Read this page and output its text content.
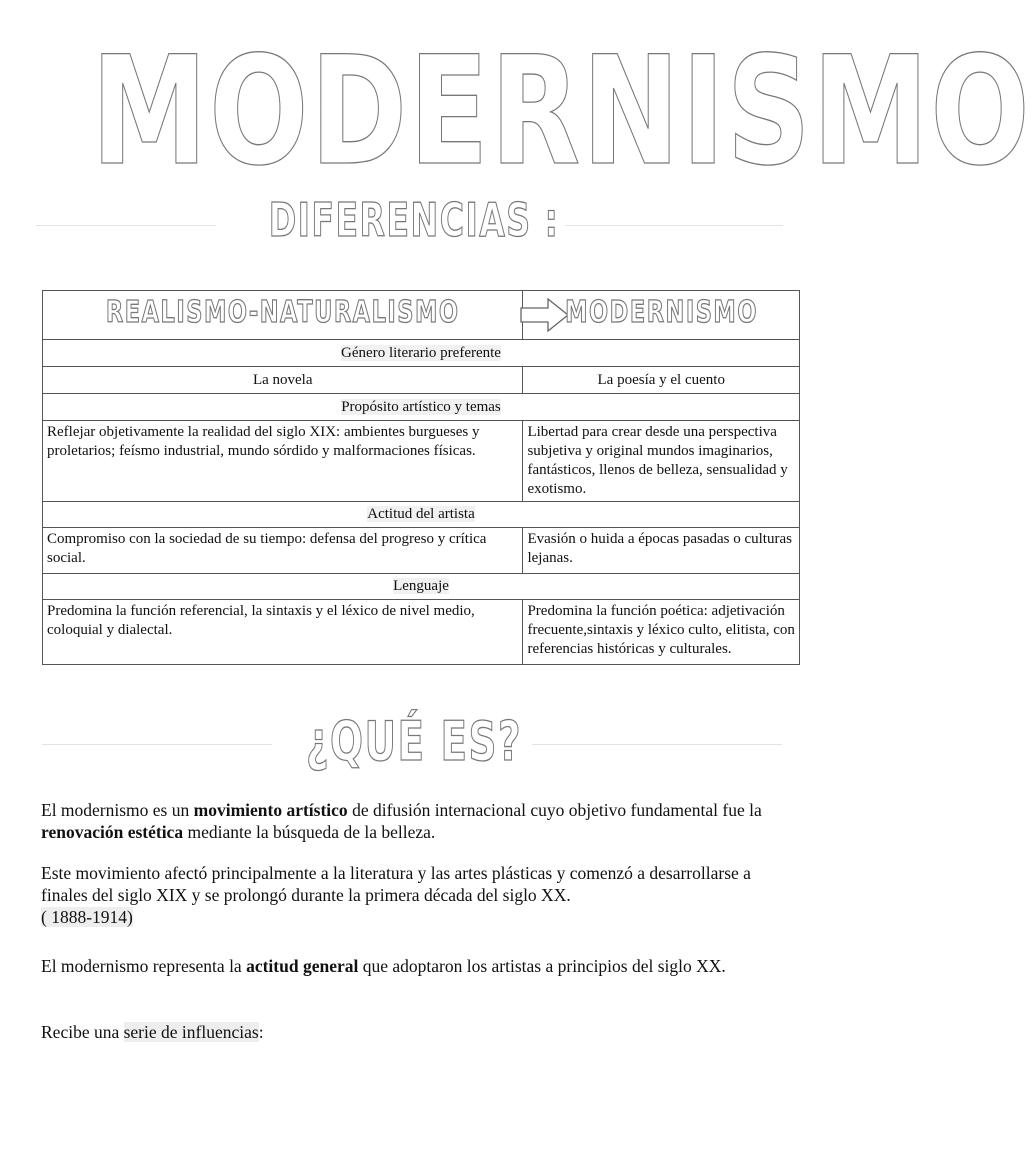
MODERNISMO
DIFERENCIAS :
REALISMO-NATURALISMO	MODERNISMO
Género literario preferente	
La novela	La poesía y el cuento
Propósito artístico y temas	
Reflejar objetivamente la realidad del siglo XIX: ambientes burgueses y proletarios; feísmo industrial, mundo sórdido y malformaciones físicas.	Libertad para crear desde una perspectiva subjetiva y original mundos imaginarios, fantásticos, llenos de belleza, sensualidad y exotismo.
Actitud del artista	
Compromiso con la sociedad de su tiempo: defensa del progreso y crítica social.	Evasión o huida a épocas pasadas o culturas lejanas.
Lenguaje	
Predomina la función referencial, la sintaxis y el léxico de nivel medio, coloquial y dialectal.	Predomina la función poética: adjetivación frecuente,sintaxis y léxico culto, elitista, con referencias históricas y culturales.
¿QUÉ ES?
El modernismo es un movimiento artístico de difusión internacional cuyo objetivo fundamental fue la renovación estética mediante la búsqueda de la belleza.
Este movimiento afectó principalmente a la literatura y las artes plásticas y comenzó a desarrollarse a finales del siglo XIX y se prolongó durante la primera década del siglo XX.
( 1888-1914)
El modernismo representa la actitud general que adoptaron los artistas a principios del siglo XX.
Recibe una serie de influencias:
